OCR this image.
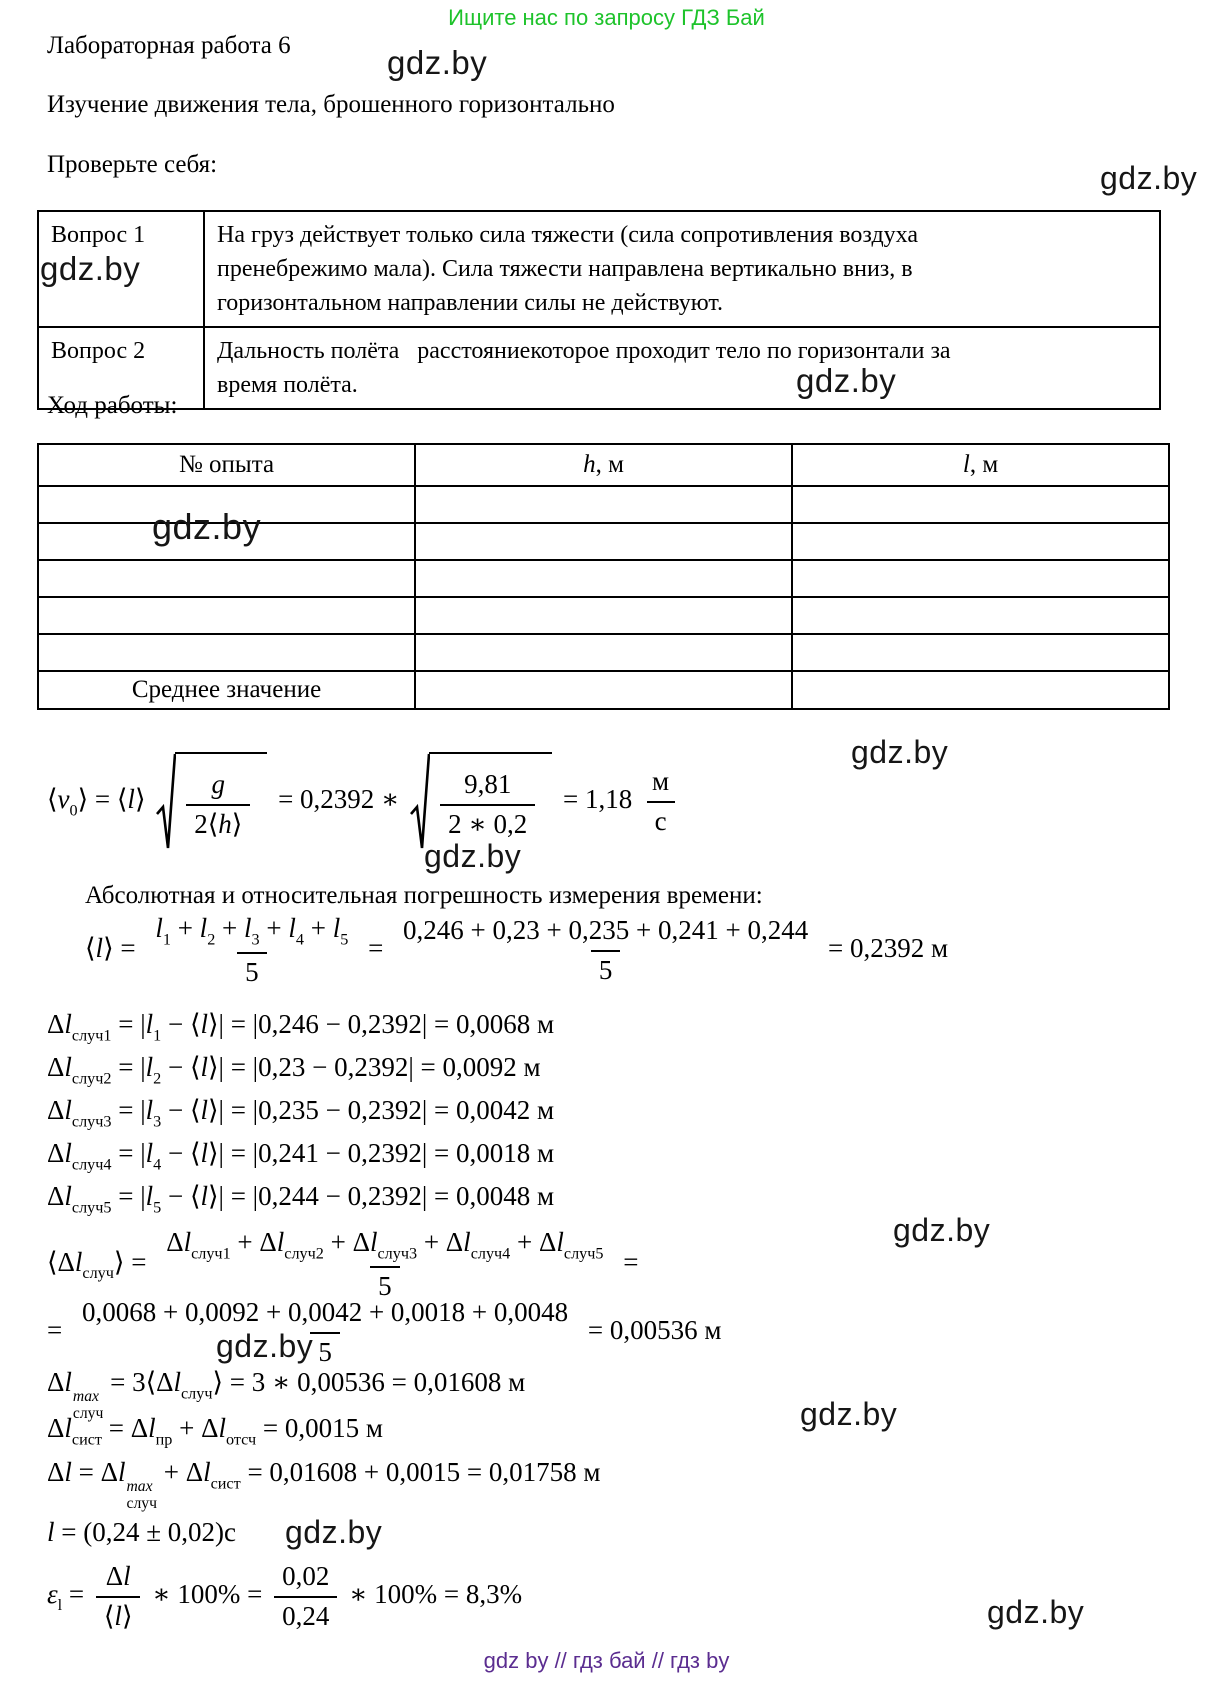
Ищите нас по запросу ГДЗ Бай
Лабораторная работа 6
Изучение движения тела, брошенного горизонтально
Проверьте себя:
gdz.by
gdz.by
gdz.by
gdz.by
gdz.by
gdz.by
gdz.by
gdz.by
gdz.by
gdz.by
gdz.by
gdz.by
Вопрос 1	На груз действует только сила тяжести (сила сопротивления воздуха пренебрежимо мала). Сила тяжести направлена вертикально вниз, в горизонтальном направлении силы не действуют.
Вопрос 2	Дальность полёта   расстояниекоторое проходит тело по горизонтали за время полёта.
Ход работы:
№ опыта	h, м	l, м

Среднее значение		
$⟨v_0⟩$ = ⟨l⟩ $\frac{g}{2⟨h⟩} = 0,2392$ ∗ $\frac{9,81}{2 ∗ 0,2} = 1,18 \frac{м}{с}$
Абсолютная и относительная погрешность измерения времени:
⟨l⟩ = $\frac{l_1 + l_2 + l_3 + l_4 + l_5}{5} = \frac{0,246 + 0,23 + 0,235 + 0,241 + 0,244}{5} = 0,2392$ м
$\Delta l_{случ1} = |l_1$ − ⟨l⟩| = |0,246 − 0,2392| = 0,0068 м
$\Delta l_{случ2} = |l_2$ − ⟨l⟩| = |0,23 − 0,2392| = 0,0092 м
$\Delta l_{случ3} = |l_3$ − ⟨l⟩| = |0,235 − 0,2392| = 0,0042 м
$\Delta l_{случ4} = |l_4$ − ⟨l⟩| = |0,241 − 0,2392| = 0,0018 м
$\Delta l_{случ5} = |l_5$ − ⟨l⟩| = |0,244 − 0,2392| = 0,0048 м
$⟨\Delta l_{случ}⟩ = \frac{\Delta l_{случ1} + \Delta l_{случ2} + \Delta l_{случ3} + \Delta l_{случ4} + \Delta l_{случ5}}{5}$ =
= $\frac{0,0068 + 0,0092 + 0,0042 + 0,0018 + 0,0048}{5} = 0,00536$ м
Δl max
случ
= $3⟨\Delta l_{случ}⟩ = 3$ ∗ 0,00536 = 0,01608 м
$\Delta l_{сист} = \Delta l_{пр} + \Delta l_{отсч} = 0,0015$ м
Δl = Δl max
случ
+ $\Delta l_{сист} = 0,01608 + 0,0015 = 0,01758$ м
l = (0,24 ± 0,02)с
$\varepsilon_l = \frac{\Delta l}{⟨l⟩}$ ∗ $100\% = \frac{0,02}{0,24}$ ∗ 100% = 8,3%
gdz by // гдз бай // гдз by
